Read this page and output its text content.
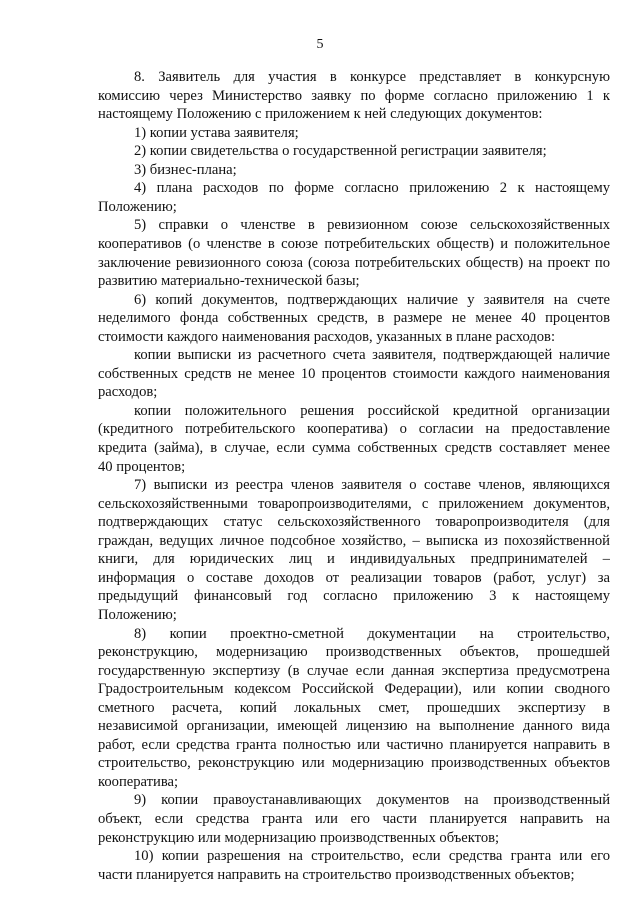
5
8. Заявитель для участия в конкурсе представляет в конкурсную
комиссию через Министерство заявку по форме согласно приложению 1 к
настоящему Положению с приложением к ней следующих документов:
1) копии устава заявителя;
2) копии свидетельства о государственной регистрации заявителя;
3) бизнес-плана;
4) плана расходов по форме согласно приложению 2 к настоящему
Положению;
5) справки о членстве в ревизионном союзе сельскохозяйственных
кооперативов (о членстве в союзе потребительских обществ) и положительное
заключение ревизионного союза (союза потребительских обществ) на проект по
развитию материально-технической базы;
6) копий документов, подтверждающих наличие у заявителя на счете
неделимого фонда собственных средств, в размере не менее 40 процентов
стоимости каждого наименования расходов, указанных в плане расходов:
копии выписки из расчетного счета заявителя, подтверждающей наличие
собственных средств не менее 10 процентов стоимости каждого наименования
расходов;
копии положительного решения российской кредитной организации
(кредитного потребительского кооператива) о согласии на предоставление
кредита (займа), в случае, если сумма собственных средств составляет менее
40 процентов;
7) выписки из реестра членов заявителя о составе членов, являющихся
сельскохозяйственными товаропроизводителями, с приложением документов,
подтверждающих статус сельскохозяйственного товаропроизводителя (для
граждан, ведущих личное подсобное хозяйство, – выписка из похозяйственной
книги, для юридических лиц и индивидуальных предпринимателей –
информация о составе доходов от реализации товаров (работ, услуг) за
предыдущий финансовый год согласно приложению 3 к настоящему
Положению;
8) копии проектно-сметной документации на строительство,
реконструкцию, модернизацию производственных объектов, прошедшей
государственную экспертизу (в случае если данная экспертиза предусмотрена
Градостроительным кодексом Российской Федерации), или копии сводного
сметного расчета, копий локальных смет, прошедших экспертизу в
независимой организации, имеющей лицензию на выполнение данного вида
работ, если средства гранта полностью или частично планируется направить в
строительство, реконструкцию или модернизацию производственных объектов
кооператива;
9) копии правоустанавливающих документов на производственный
объект, если средства гранта или его части планируется направить на
реконструкцию или модернизацию производственных объектов;
10) копии разрешения на строительство, если средства гранта или его
части планируется направить на строительство производственных объектов;
